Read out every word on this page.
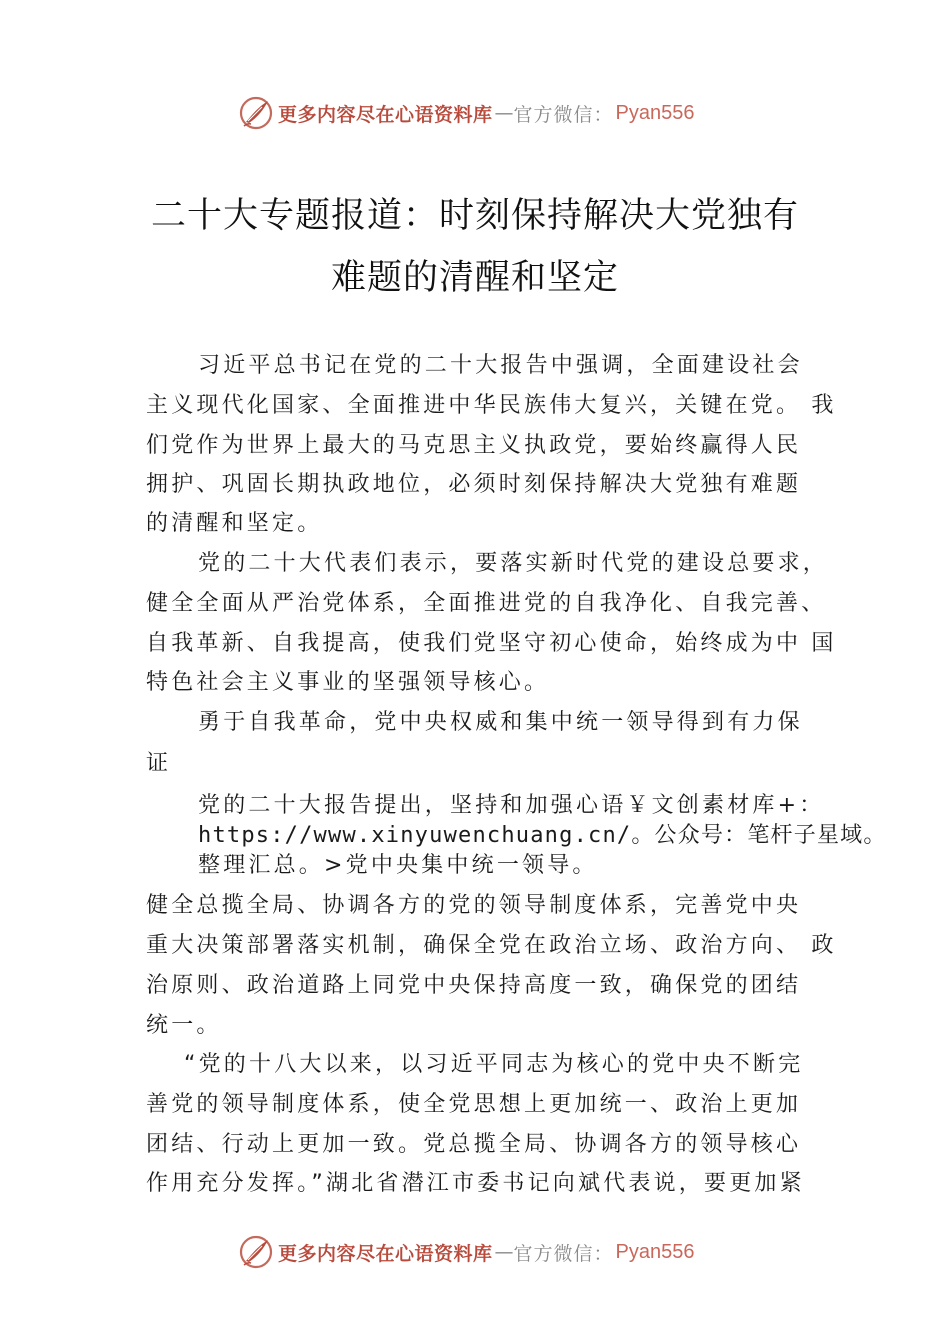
更多内容尽在心语资料库 — 官方微信： Pyan556
二十大专题报道：时刻保持解决大党独有
难题的清醒和坚定
习近平总书记在党的二十大报告中强调，全面建设社会
主义现代化国家、全面推进中华民族伟大复兴，关键在党。 我
们党作为世界上最大的马克思主义执政党，要始终赢得人民
拥护、巩固长期执政地位，必须时刻保持解决大党独有难题
的清醒和坚定。
党的二十大代表们表示，要落实新时代党的建设总要求，
健全全面从严治党体系，全面推进党的自我净化、自我完善、
自我革新、自我提高，使我们党坚守初心使命，始终成为中 国
特色社会主义事业的坚强领导核心。
勇于自我革命，党中央权威和集中统一领导得到有力保
证
党的二十大报告提出，坚持和加强心语￥文创素材库+：
https://www.xinyuwenchuang.cn/。公众号：笔杆子星域。
整理汇总。>党中央集中统一领导。
健全总揽全局、协调各方的党的领导制度体系，完善党中央
重大决策部署落实机制，确保全党在政治立场、政治方向、 政
治原则、政治道路上同党中央保持高度一致，确保党的团结
统一。
“党的十八大以来，以习近平同志为核心的党中央不断完
善党的领导制度体系，使全党思想上更加统一、政治上更加
团结、行动上更加一致。党总揽全局、协调各方的领导核心
作用充分发挥。”湖北省潜江市委书记向斌代表说，要更加紧
更多内容尽在心语资料库 — 官方微信： Pyan556
